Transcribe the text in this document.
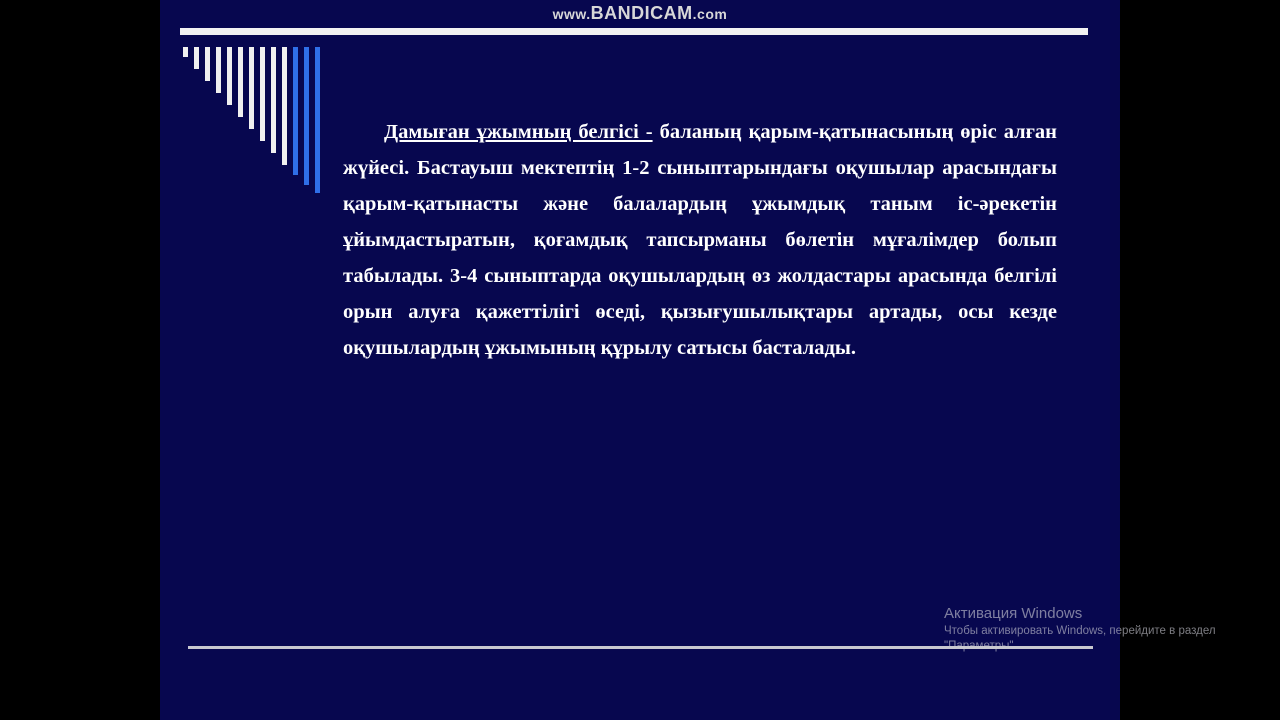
www.BANDICAM.com

Дамыған ұжымның белгісі - баланың қарым-қатынасының өріс алған жүйесі. Бастауыш мектептің 1-2 сыныптарындағы оқушылар арасындағы қарым-қатынасты және балалардың ұжымдық таным іс-әрекетін ұйымдастыратын, қоғамдық тапсырманы бөлетін мұғалімдер болып табылады. 3-4 сыныптарда оқушылардың өз жолдастары арасында белгілі орын алуға қажеттілігі өседі, қызығушылықтары артады, осы кезде оқушылардың ұжымының құрылу сатысы басталады.

Активация Windows
Чтобы активировать Windows, перейдите в раздел
"Параметры".
